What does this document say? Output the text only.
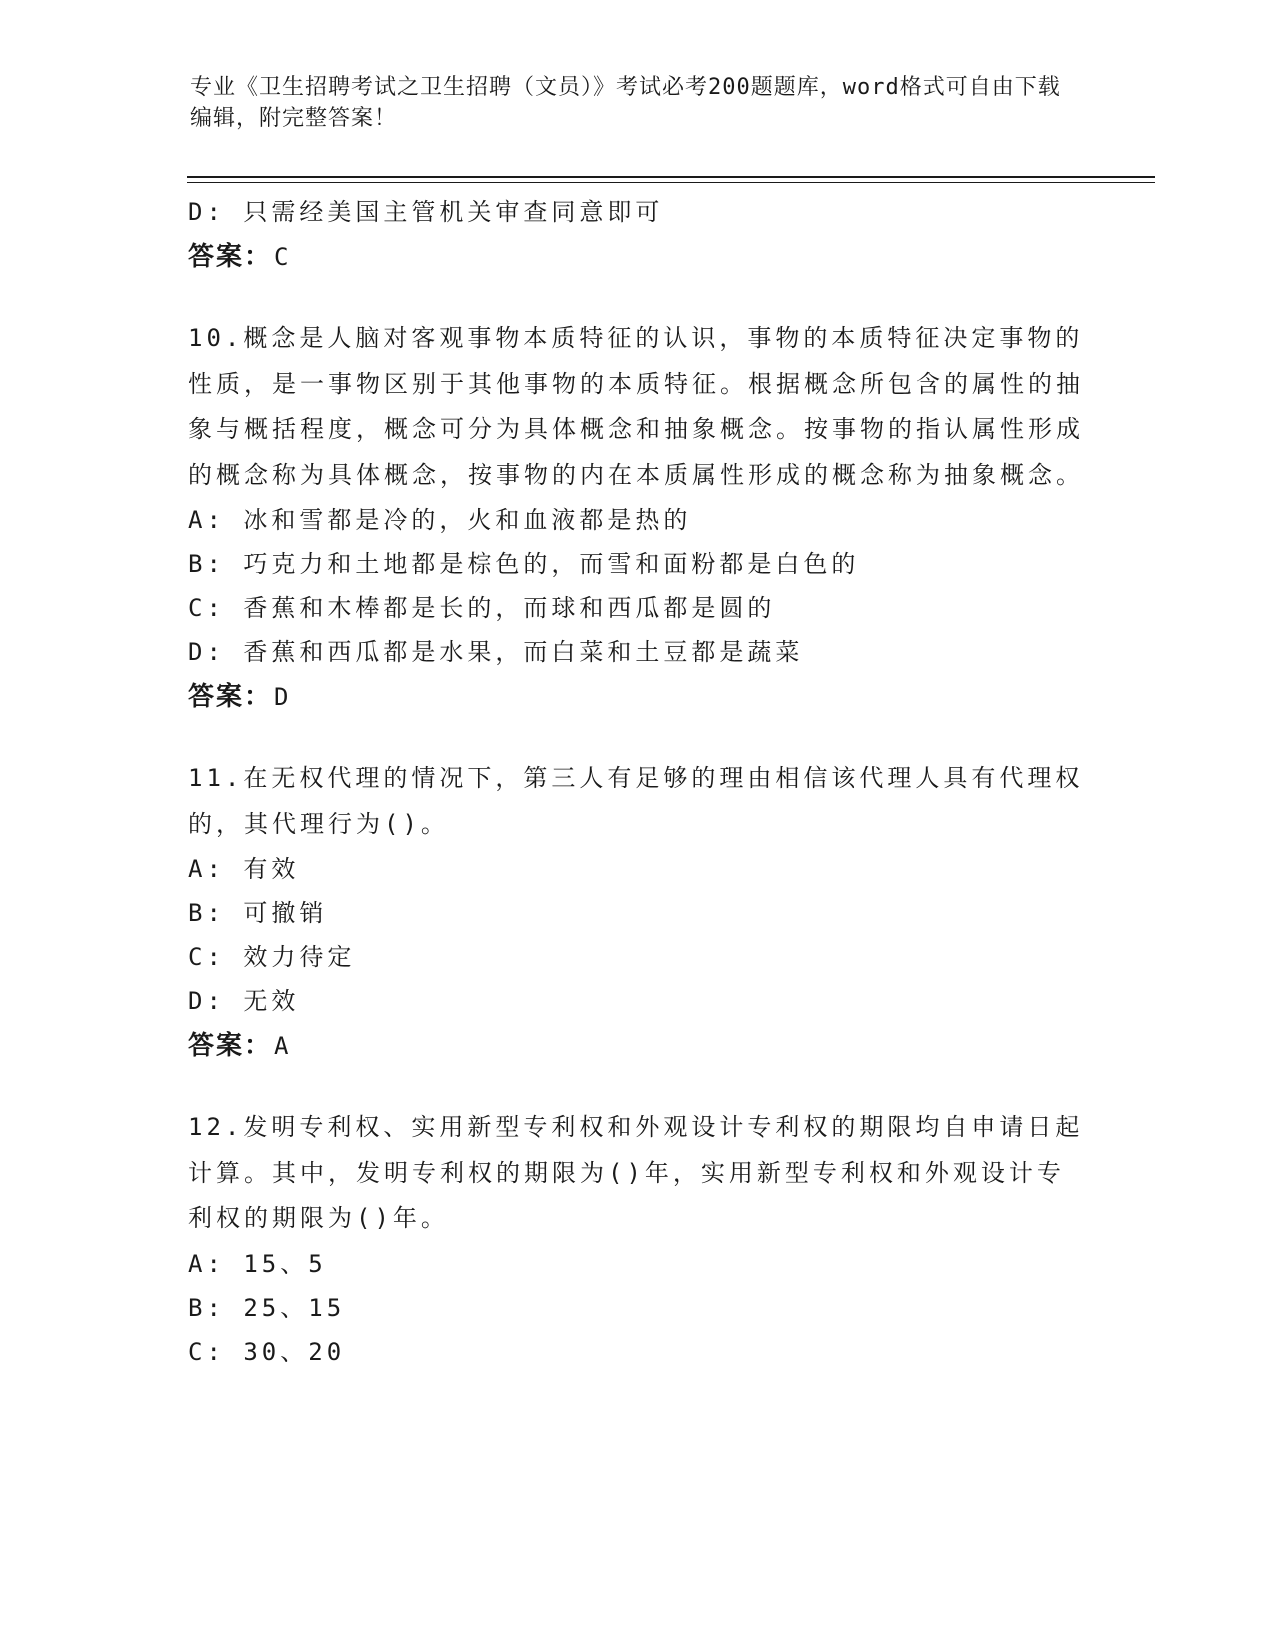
专业《卫生招聘考试之卫生招聘（文员）》考试必考200题题库，word格式可自由下载编辑，附完整答案！
D: 只需经美国主管机关审查同意即可
答案：C
10.概念是人脑对客观事物本质特征的认识，事物的本质特征决定事物的性质，是一事物区别于其他事物的本质特征。根据概念所包含的属性的抽象与概括程度，概念可分为具体概念和抽象概念。按事物的指认属性形成的概念称为具体概念，按事物的内在本质属性形成的概念称为抽象概念。
A: 冰和雪都是冷的，火和血液都是热的
B: 巧克力和土地都是棕色的，而雪和面粉都是白色的
C: 香蕉和木棒都是长的，而球和西瓜都是圆的
D: 香蕉和西瓜都是水果，而白菜和土豆都是蔬菜
答案：D
11.在无权代理的情况下，第三人有足够的理由相信该代理人具有代理权的，其代理行为()。
A: 有效
B: 可撤销
C: 效力待定
D: 无效
答案：A
12.发明专利权、实用新型专利权和外观设计专利权的期限均自申请日起计算。其中，发明专利权的期限为()年，实用新型专利权和外观设计专利权的期限为()年。
A: 15、5
B: 25、15
C: 30、20
